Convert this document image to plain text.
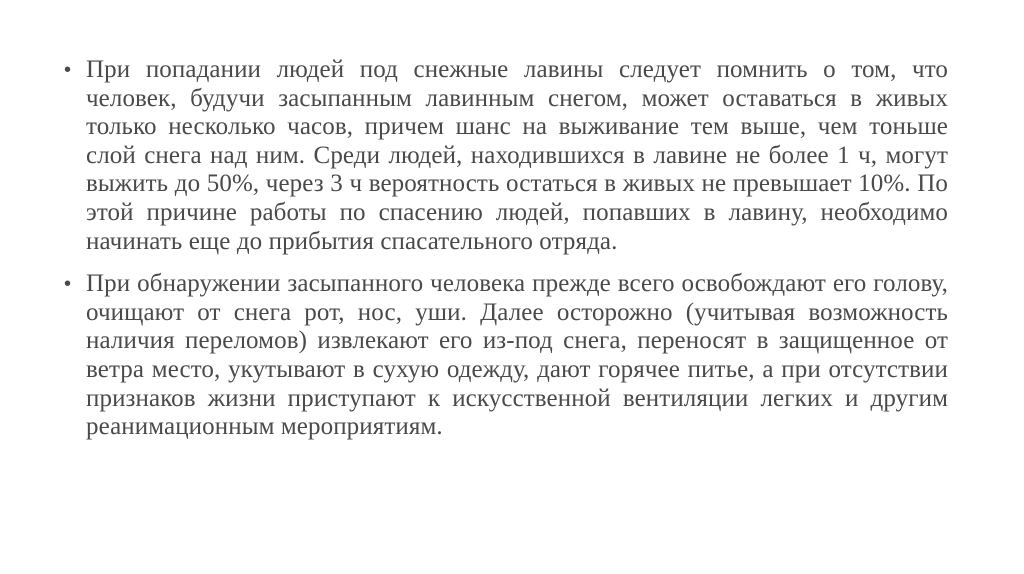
• При попадании людей под снежные лавины следует помнить о том, что человек, будучи засыпанным лавинным снегом, может оставаться в живых только несколько часов, причем шанс на выживание тем выше, чем тоньше слой снега над ним. Среди людей, находившихся в лавине не более 1 ч, могут выжить до 50%, через 3 ч вероятность остаться в живых не превышает 10%. По этой причине работы по спасению людей, попавших в лавину, необходимо начинать еще до прибытия спасательного отряда.
• При обнаружении засыпанного человека прежде всего освобождают его голову, очищают от снега рот, нос, уши. Далее осторожно (учитывая возможность наличия переломов) извлекают его из-под снега, переносят в защищенное от ветра место, укутывают в сухую одежду, дают горячее питье, а при отсутствии признаков жизни приступают к искусственной вентиляции легких и другим реанимационным мероприятиям.
